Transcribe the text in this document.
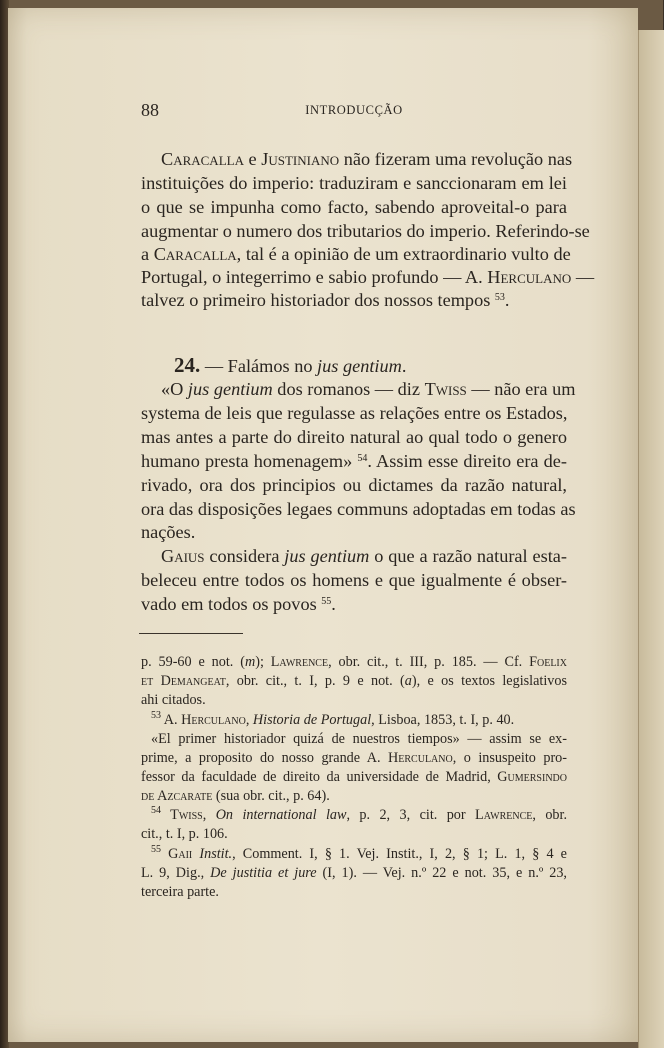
88	INTRODUCÇÃO
Caracalla e Justiniano não fizeram uma revolução nas
instituições do imperio: traduziram e sanccionaram em lei
o que se impunha como facto, sabendo aproveital-o para
augmentar o numero dos tributarios do imperio. Referindo-se
a Caracalla, tal é a opinião de um extraordinario vulto de
Portugal, o integerrimo e sabio profundo — A. Herculano —
talvez o primeiro historiador dos nossos tempos $^{53}$.
24. — Falámos no jus gentium.
«O jus gentium dos romanos — diz Twiss — não era um
systema de leis que regulasse as relações entre os Estados,
mas antes a parte do direito natural ao qual todo o genero
humano presta homenagem» $^{54}$. Assim esse direito era de-
rivado, ora dos principios ou dictames da razão natural,
ora das disposições legaes communs adoptadas em todas as
nações.
Gaius considera jus gentium o que a razão natural esta-
beleceu entre todos os homens e que igualmente é obser-
vado em todos os povos $^{55}$.
p. 59-60 e not. (m); Lawrence, obr. cit., t. III, p. 185. — Cf. Foelix
et Demangeat, obr. cit., t. I, p. 9 e not. (a), e os textos legislativos
ahi citados.
$^{53}$ A. Herculano, Historia de Portugal, Lisboa, 1853, t. I, p. 40.
«El primer historiador quizá de nuestros tiempos» — assim se ex-
prime, a proposito do nosso grande A. Herculano, o insuspeito pro-
fessor da faculdade de direito da universidade de Madrid, Gumersindo
de Azcarate (sua obr. cit., p. 64).
$^{54}$ Twiss, On international law, p. 2, 3, cit. por Lawrence, obr.
cit., t. I, p. 106.
$^{55}$ Gaii Instit., Comment. I, § 1. Vej. Instit., I, 2, § 1; L. 1, § 4 e
L. 9, Dig., De justitia et jure (I, 1). — Vej. n.º 22 e not. 35, e n.º 23,
terceira parte.
